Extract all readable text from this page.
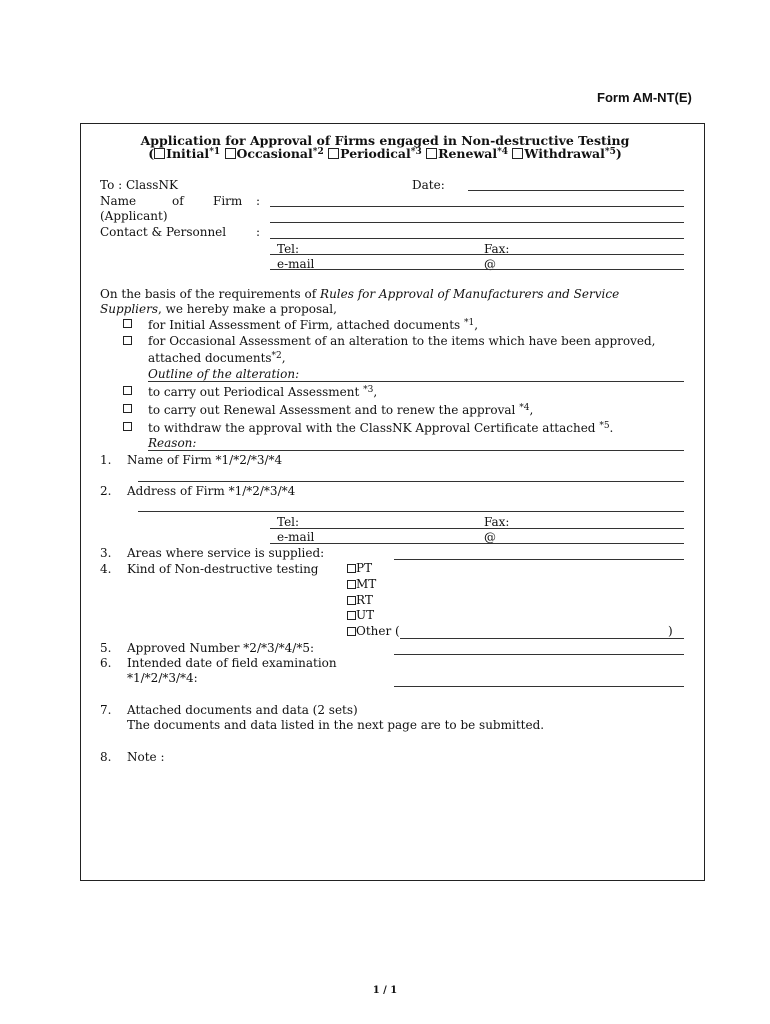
Form AM-NT(E)
Application for Approval of Firms engaged in Non-destructive Testing
( Initial$^{*1}$ Occasional$^{*2}$ Periodical$^{*3}$ Renewal$^{*4}$ Withdrawal$^{*5}$)
To : ClassNK	Date:
Name	of Firm :
(Applicant)
Contact & Personnel :
Tel:	Fax:
e-mail	@
On the basis of the requirements of Rules for Approval of Manufacturers and Service
Suppliers, we hereby make a proposal,
for Initial Assessment of Firm, attached documents $^{*1}$,
for Occasional Assessment of an alteration to the items which have been approved,
attached documents$^{*2}$,
Outline of the alteration:
to carry out Periodical Assessment $^{*3}$,
to carry out Renewal Assessment and to renew the approval $^{*4}$,
to withdraw the approval with the ClassNK Approval Certificate attached $^{*5}$.
Reason:
1. Name of Firm *1/*2/*3/*4
2. Address of Firm *1/*2/*3/*4
Tel:	Fax:
e-mail	@
3. Areas where service is supplied:
4. Kind of Non-destructive testing	PT
MT
RT
UT
Other (	)
5. Approved Number *2/*3/*4/*5:
6. Intended date of field examination
*1/*2/*3/*4:
7. Attached documents and data (2 sets)
The documents and data listed in the next page are to be submitted.
8. Note :
1 / 1
